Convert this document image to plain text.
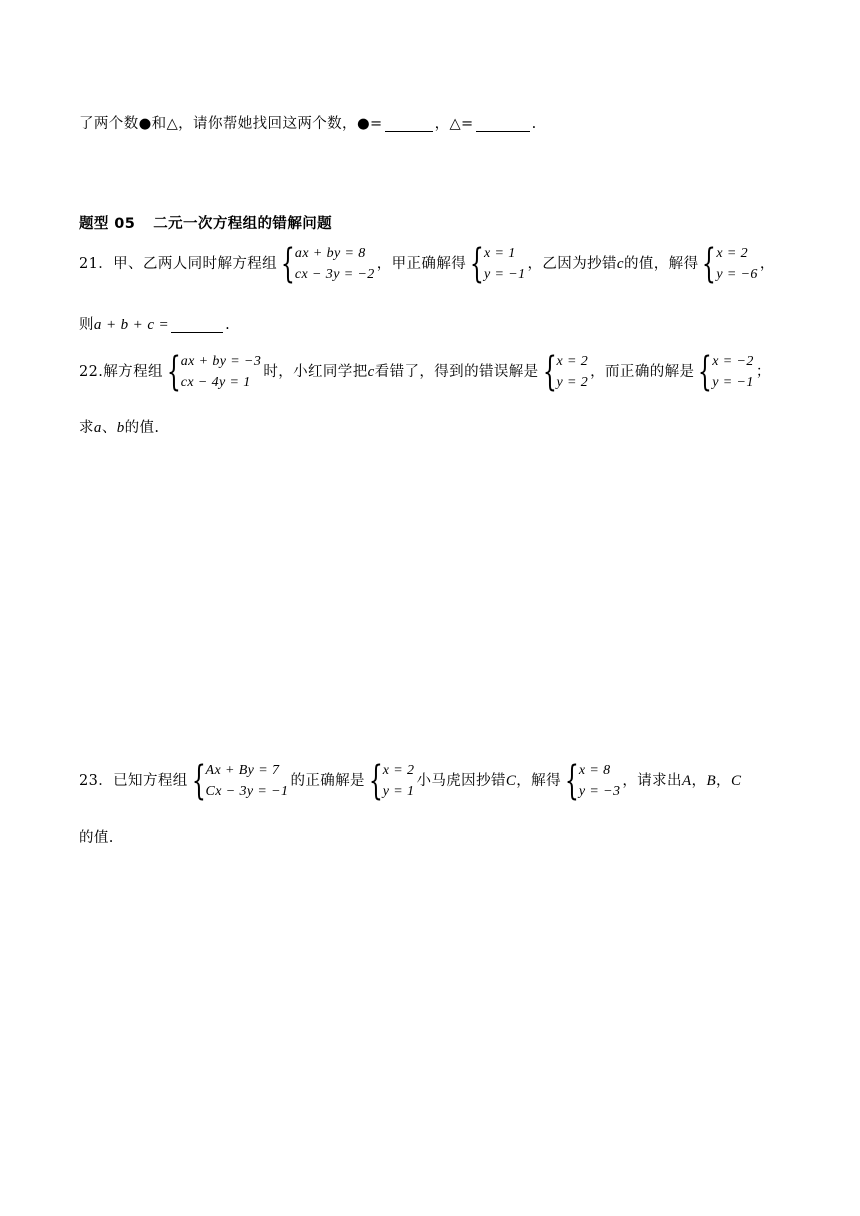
了两个数 ● 和 △ ，请你帮她找回这两个数， ● =	， △ =	.
题型 05 二元一次方程组的错解问题
21． 甲、乙两人同时解方程组 { ax + by = 8
cx − 3y = −2
，甲正确解得 { x = 1
y = −1
，乙因为抄错 c 的值，解得 { x = 2
y = −6
，
则 a + b + c =	.
22. 解方程组 { ax + by = −3
cx − 4y = 1
时，小红同学把 c 看错了，得到的错误解是 { x = 2
y = 2
，而正确的解是 { x = −2
y = −1
；
求 a 、 b 的值.
23． 已知方程组 { Ax + By = 7
Cx − 3y = −1
的正确解是 { x = 2
y = 1
小马虎因抄错 C ，解得 { x = 8
y = −3
，请求出 A ， B ， C
的值.
